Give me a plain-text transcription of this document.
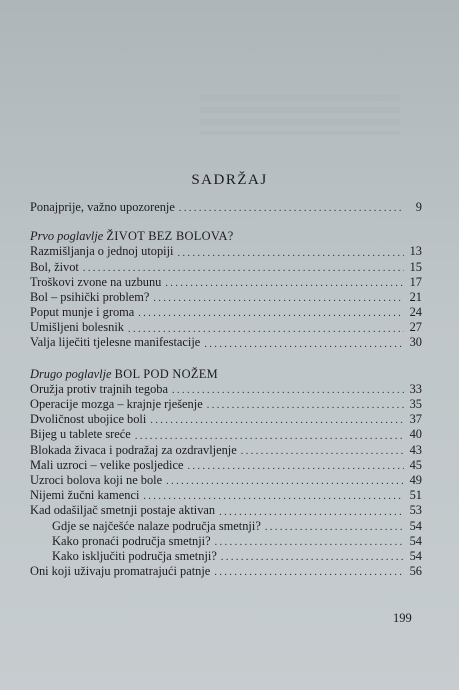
SADRŽAJ
Ponajprije, važno upozorenje . . .	9
Prvo poglavlje ŽIVOT BEZ BOLOVA?
Razmišljanja o jednoj utopiji . . .	13
Bol, život . . .	15
Troškovi zvone na uzbunu . . .	17
Bol – psihički problem? . . .	21
Poput munje i groma . . .	24
Umišljeni bolesnik . . .	27
Valja liječiti tjelesne manifestacije . . .	30
Drugo poglavlje BOL POD NOŽEM
Oružja protiv trajnih tegoba . . .	33
Operacije mozga – krajnje rješenje . . .	35
Dvoličnost ubojice boli . . .	37
Bijeg u tablete sreće . . .	40
Blokada živaca i podražaj za ozdravljenje . . .	43
Mali uzroci – velike posljedice . . .	45
Uzroci bolova koji ne bole . . .	49
Nijemi žučni kamenci . . .	51
Kad odašiljač smetnji postaje aktivan . . .	53
Gdje se najčešće nalaze područja smetnji? . . .	54
Kako pronaći područja smetnji? . . .	54
Kako isključiti područja smetnji? . . .	54
Oni koji uživaju promatrajući patnje . . .	56
199
